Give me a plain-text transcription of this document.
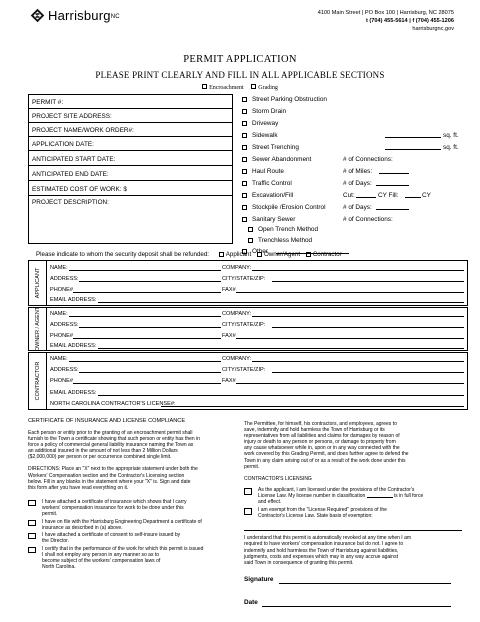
Harrisburg$^{NC}$
4100 Main Street | PO Box 100 | Harrisburg, NC 28075
t (704) 455-5614 | f (704) 455-1206
harrisburgnc.gov
PERMIT APPLICATION
PLEASE PRINT CLEARLY AND FILL IN ALL APPLICABLE SECTIONS
Encroachment Grading
PERMIT #:
PROJECT SITE ADDRESS:
PROJECT NAME/WORK ORDER#:
APPLICATION DATE:
ANTICIPATED START DATE:
ANTICIPATED END DATE:
ESTIMATED COST OF WORK: $
PROJECT DESCRIPTION:
Street Parking Obstruction
Storm Drain
Driveway
Sidewalk	sq. ft.
Street Trenching	sq. ft.
Sewer Abandonment	# of Connections:
Haul Route	# of Miles:
Traffic Control	# of Days:
Excavation/Fill	Cut:	CY Fill:	CY
Stockpile /Erosion Control	# of Days:
Sanitary Sewer	# of Connections:
Open Trench Method
Trenchless Method
Other
Please indicate to whom the security deposit shall be refunded:	Applicant Owner/Agent Contractor
APPLICANT NAME:	COMPANY:
ADDRESS:	CITY/STATE/ZIP:
PHONE#	FAX#
EMAIL ADDRESS:
OWNER / AGENT NAME:	COMPANY:
ADDRESS:	CITY/STATE/ZIP:
PHONE#	FAX#
EMAIL ADDRESS:
CONTRACTOR
NAME:	COMPANY:
ADDRESS:	CITY/STATE/ZIP:
PHONE#	FAX#
EMAIL ADDRESS:
NORTH CAROLINA CONTRACTOR'S LICENSE#:
CERTIFICATE OF INSURANCE AND LICENSE COMPLIANCE
Each person or entity prior to the granting of an encroachment permit shall
furnish to the Town a certificate showing that such person or entity has then in
force a policy of commercial general liability insurance naming the Town as
an additional insured in the amount of not less than 2 Million Dollars
($2,000,000) per person or per occurrence combined single limit.
DIRECTIONS: Place an "X" next to the appropriate statement under both the
Workers' Compensation section and the Contractor's Licensing section
below. Fill in any blanks in the statement where your "X" is. Sign and date
this form after you have read everything on it.
I have attached a certificate of insurance which shows that I carry
workers' compensation insurance for work to be done under this
permit.
I have on file with the Harrisburg Engineering Department a certificate of
insurance as described in (a) above.
I have attached a certificate of consent to self-insure issued by
the Director.
I certify that in the performance of the work for which this permit is issued
I shall not employ any person in any manner so as to
become subject of the workers' compensation laws of
North Carolina.
The Permittee, for himself, his contractors, and employees, agrees to
save, indemnify and hold harmless the Town of Harrisburg or its
representatives from all liabilities and claims for damages by reason of
injury or death to any person or persons, or damage to property from
any cause whatsoever while in, upon or in any way connected with the
work covered by this Grading Permit, and does further agree to defend the
Town in any claim arising out of or as a result of the work done under this
permit.
CONTRACTOR'S LICENSING
As the applicant, I am licensed under the provisions of the Contractor's
License Law. My license number in classification	is in full force
and effect.
I am exempt from the "License Required" provisions of the
Contractor's License Law. State basis of exemption:
I understand that this permit is automatically revoked at any time when I am
required to have workers' compensation insurance but do not. I agree to
indemnify and hold harmless the Town of Harrisburg against liabilities,
judgments, costs and expenses which may in any way accrue against
said Town in consequence of granting this permit.
Signature
Date
